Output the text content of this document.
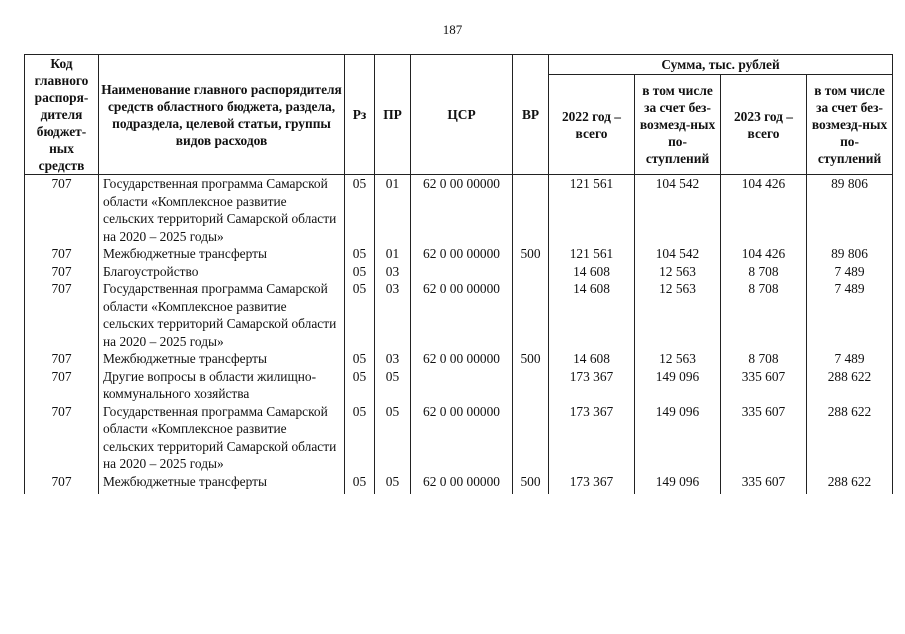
187
Код главного распоря-дителя бюджет-ных средств	Наименование главного распорядителя средств областного бюджета, раздела, подраздела, целевой статьи, группы видов расходов	Рз	ПР	ЦСР	ВР	Сумма, тыс. рублей			
						2022 год – всего	в том числе за счет без-возмезд-ных по-ступлений	2023 год – всего	в том числе за счет без-возмезд-ных по-ступлений
707	Государственная программа Самарской области «Комплексное развитие сельских территорий Самарской области на 2020 – 2025 годы»	05	01	62 0 00 00000		121 561	104 542	104 426	89 806
707	Межбюджетные трансферты	05	01	62 0 00 00000	500	121 561	104 542	104 426	89 806
707	Благоустройство	05	03			14 608	12 563	8 708	7 489
707	Государственная программа Самарской области «Комплексное развитие сельских территорий Самарской области на 2020 – 2025 годы»	05	03	62 0 00 00000		14 608	12 563	8 708	7 489
707	Межбюджетные трансферты	05	03	62 0 00 00000	500	14 608	12 563	8 708	7 489
707	Другие вопросы в области жилищно-коммунального хозяйства	05	05			173 367	149 096	335 607	288 622
707	Государственная программа Самарской области «Комплексное развитие сельских территорий Самарской области на 2020 – 2025 годы»	05	05	62 0 00 00000		173 367	149 096	335 607	288 622
707	Межбюджетные трансферты	05	05	62 0 00 00000	500	173 367	149 096	335 607	288 622
